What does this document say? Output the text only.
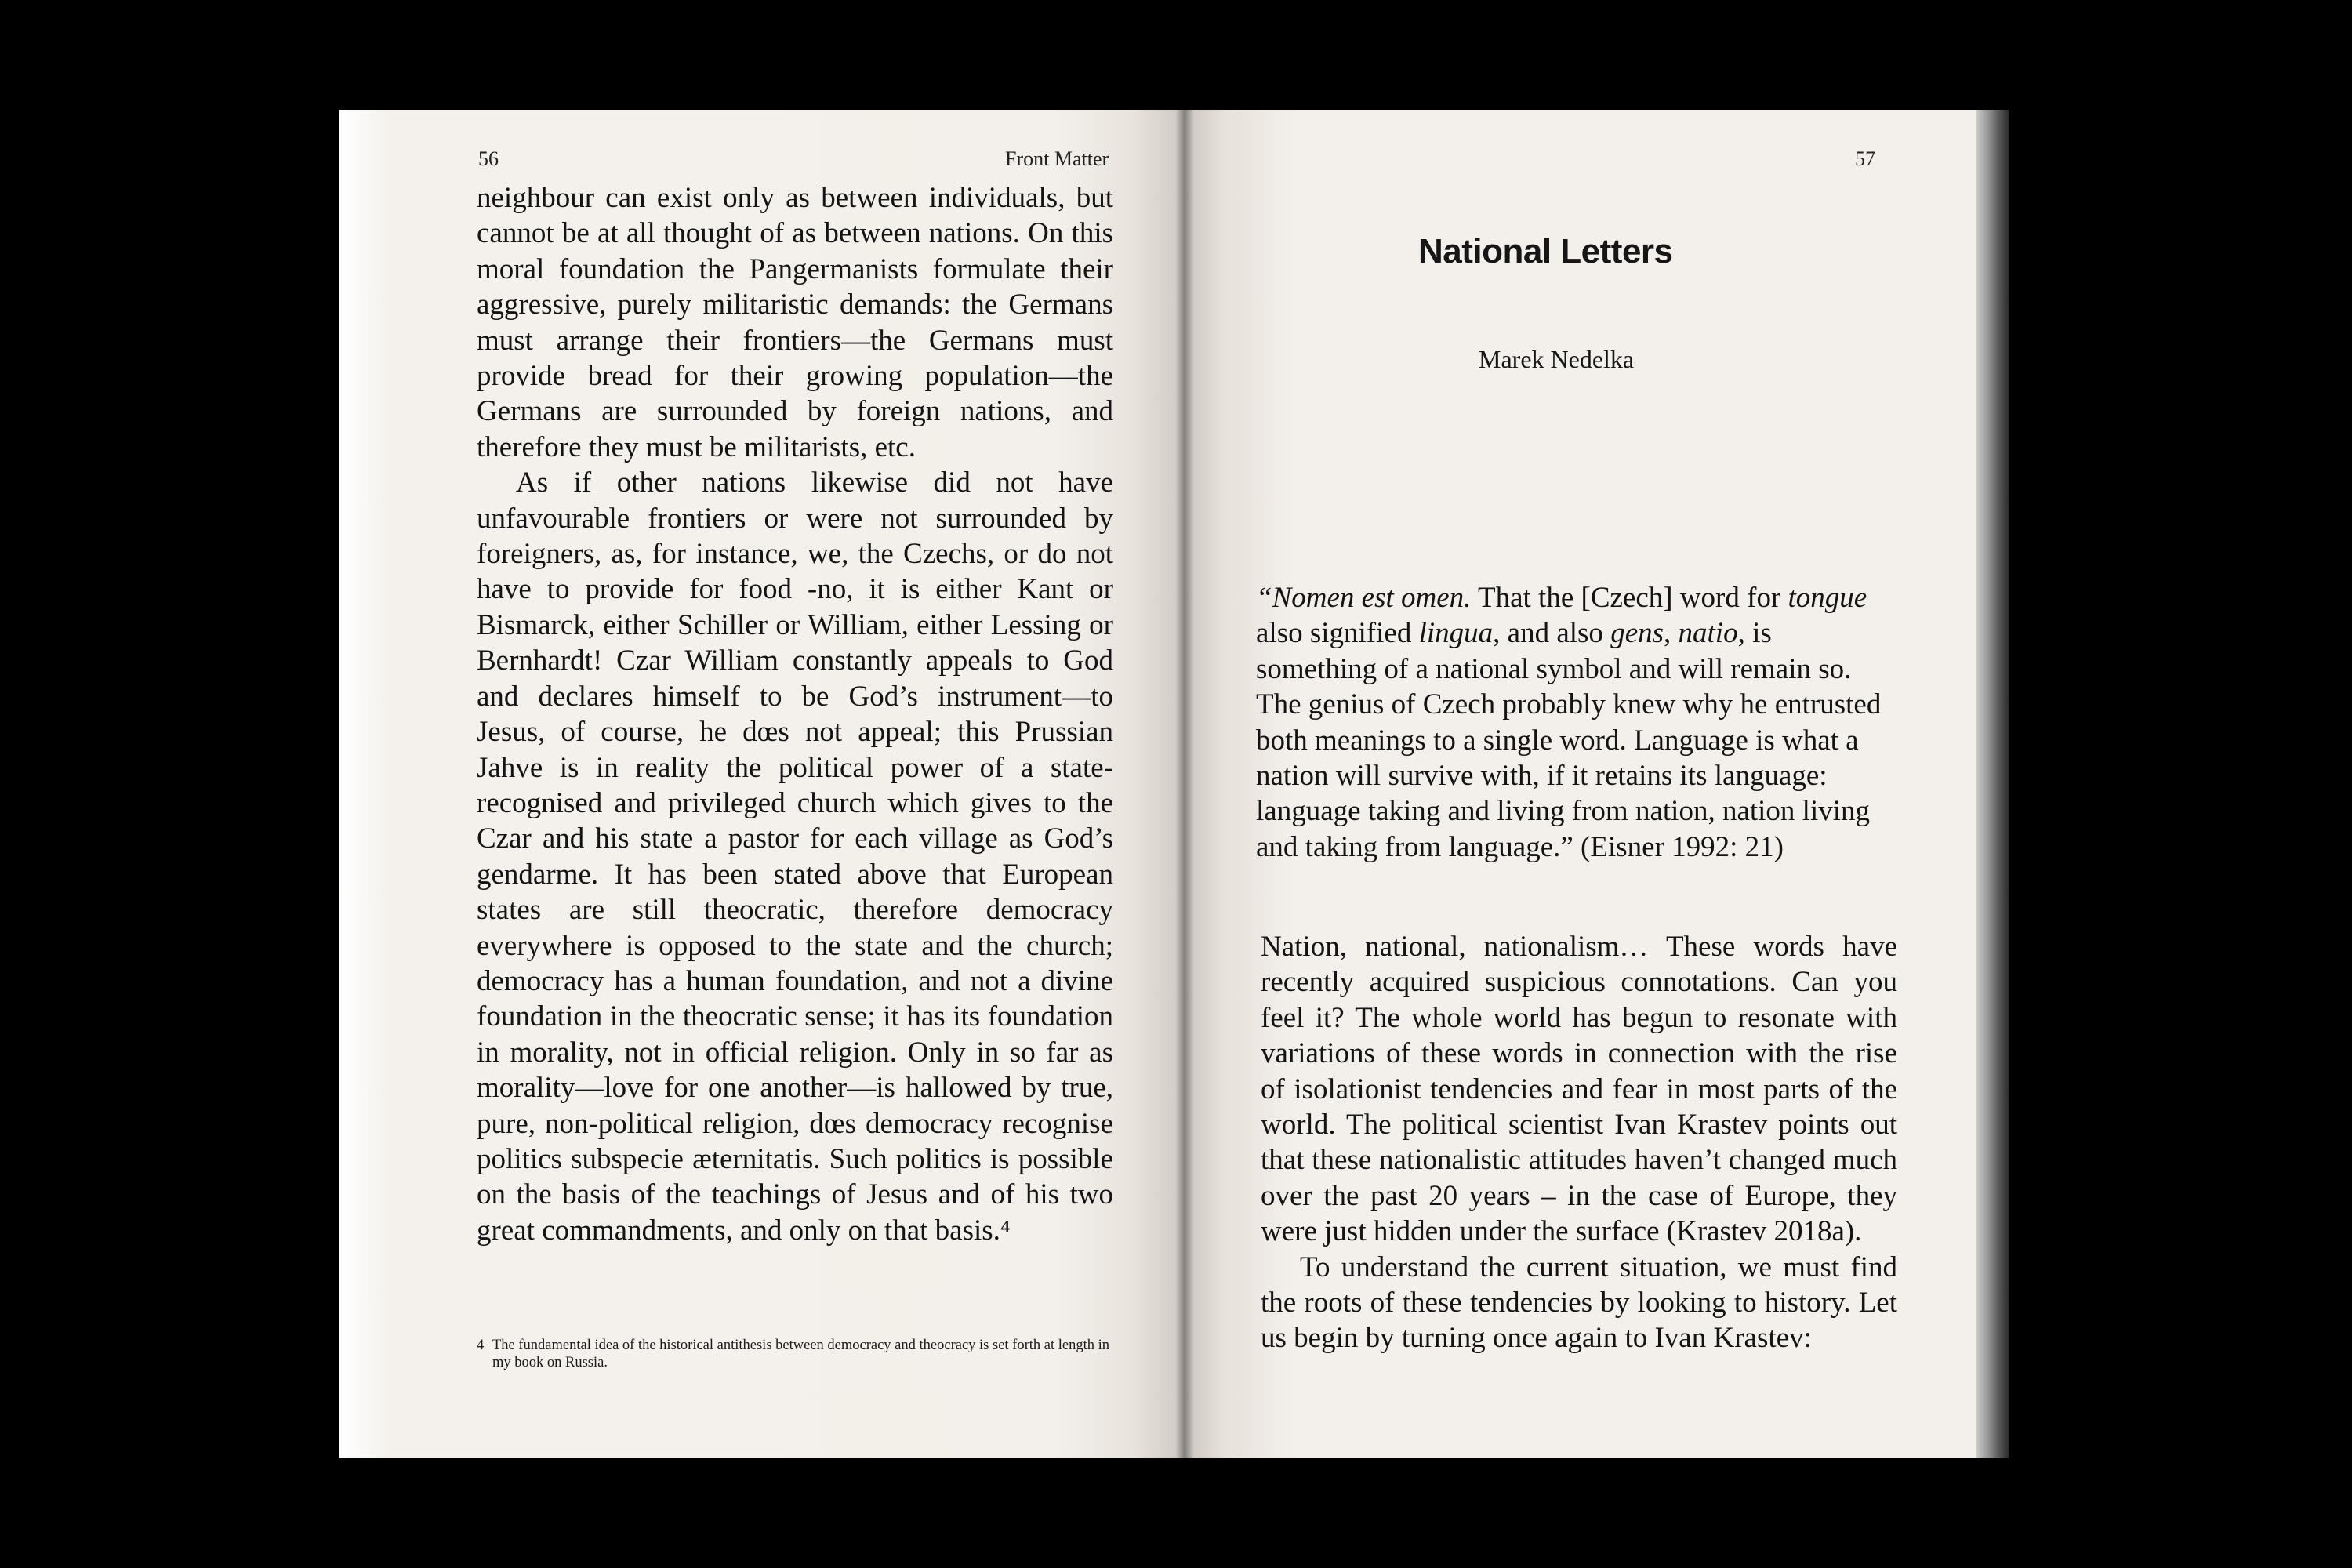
56	Front Matter

neighbour can exist only as between individuals, but cannot be at all thought of as between nations. On this moral foundation the Pangermanists formulate their aggressive, purely militaristic demands: the Germans must arrange their frontiers—the Germans must provide bread for their growing population—the Germans are surrounded by foreign nations, and therefore they must be militarists, etc.

As if other nations likewise did not have unfavourable frontiers or were not surrounded by foreigners, as, for instance, we, the Czechs, or do not have to provide for food -no, it is either Kant or Bismarck, either Schiller or William, either Lessing or Bernhardt! Czar William constantly appeals to God and declares himself to be God’s instrument—to Jesus, of course, he dœs not appeal; this Prussian Jahve is in reality the political power of a state-recognised and privileged church which gives to the Czar and his state a pastor for each village as God’s gendarme. It has been stated above that European states are still theocratic, therefore democracy everywhere is opposed to the state and the church; democracy has a human foundation, and not a divine foundation in the theocratic sense; it has its foundation in morality, not in official religion. Only in so far as morality—love for one another—is hallowed by true, pure, non-political religion, dœs democracy recognise politics subspecie æternitatis. Such politics is possible on the basis of the teachings of Jesus and of his two great commandments, and only on that basis.⁴

4 The fundamental idea of the historical antithesis between democracy and theocracy is set forth at length in my book on Russia.
57
National Letters
Marek Nedelka

“Nomen est omen. That the [Czech] word for tongue also signified lingua, and also gens, natio, is something of a national symbol and will remain so. The genius of Czech probably knew why he entrusted both meanings to a single word. Language is what a nation will survive with, if it retains its language: language taking and living from nation, nation living and taking from language.” (Eisner 1992: 21)

Nation, national, nationalism… These words have recently acquired suspicious connotations. Can you feel it? The whole world has begun to resonate with variations of these words in connection with the rise of isolationist tendencies and fear in most parts of the world. The political scientist Ivan Krastev points out that these nationalistic attitudes haven’t changed much over the past 20 years – in the case of Europe, they were just hidden under the surface (Krastev 2018a).

To understand the current situation, we must find the roots of these tendencies by looking to history. Let us begin by turning once again to Ivan Krastev:
